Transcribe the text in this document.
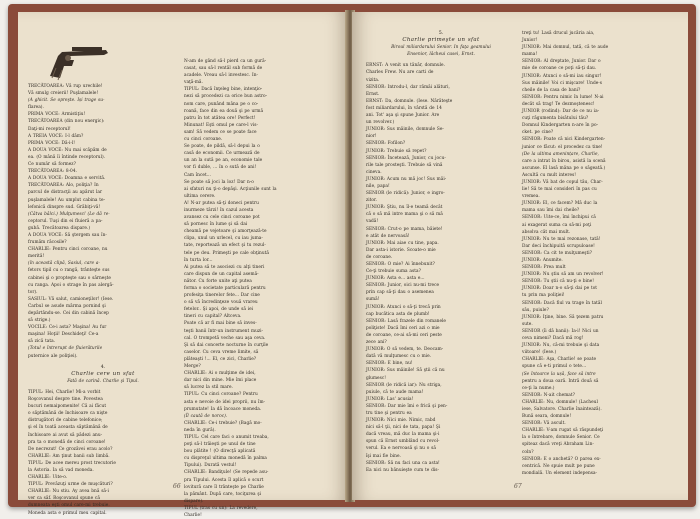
TRECĂTOAREA: Vă rup urechile!
Vă smulg creierii! Puşlamalele!
(A ghicit. Se opreşte. Iși trage su-
flarea).
PRIMA VOCE: Armistiţiu!
TRECĂTOAREA (din nou energic):
Daţi-mi receptorul!
A TREIA VOCE: I-l dăm?
PRIMA VOCE: Dă-i-l!
A DOUA VOCE: Nu mai scăpăm de
ea. (O mână îi întinde receptorul).
Ce numär să formez?
TRECĂTOAREA: 8-04.
A DOUA VOCE: Doamna e servită.
TRECĂTOAREA: Alo, poliţia? In
parcul de distracţii au apărut lar
puşlamalele! Au umplut cabina te-
lefonică dinspre sud. Grăbiţi-vă!
(Cătva bâlci.) Mulţumesc! (Le dă re-
ceptorul. Tuşi din ei fluieră a pa-
gubă. Trecătoarea dispare.)
A DOUA VOCE: Să ştergem sau în-
frumăm răcosile?
CHARLIE: Pentru cinci coroane, nu
merită!
(în această clipă, Sasiul, care a-
fetors tipil cu o rangă, trânteşte sus
cabinei şi o propteşte sau o sărneşte
cu ranga. Apoi o strage în pas alergă-
tor).
SASIUL: Vă salut, camioneţilor! (Iese.
Carbul se asude mărma pornind şi
depărtându-se. Cei din cabină încep
să strige.)
VOCILE: Ce-i asta? Maşina! Au fur
maşina! Hoţii! Deschideţi! Ce-a
să zică tata.
(Totul e întrerupt de fluierăturile
puternice ale poliţiei).
4.
Charlie cere un sfat
Fată de carină. Charlie şi Tipul.
TIPUL: Hei, Charlie! Mi-a vorbit
Roşcovanul despre tine. Povestea
bucuri nemaipomenite! Că ai făcut
o săptămână de închisoare ca nişte
distrugători de cabine telefonice;
şi el în toată aceasta săptămână de
închisoare ai avut să pădezi anu-
pra ta o monedă de cinci coroane!
De necrezut! Ce grozăvei erau acolo?
CHARLIE: Am ţinut banii sub limbă.
TIPUL: De acee mereu prost trecutorie
la Astoria. Ia să vad moneda.
CHARLIE: Uite-o.
TIPUL: Prevăzuţi urme de muşcături?
CHARLIE: Nu stiu. Ay avea bnă să-i
ver ca săf. Roşcovanul spune că
dumneata eşti omul care-mi trebuie.
Moneda asta e primul meu capital.
N-am de gând să-l pierd ca un gură-
casat, sau să-l rentăl sub formă de
acadele. Vreau să-l investesc. In-
vaţă-mă.
TIPUL: Dacă înţeleg bine, intenţio-
nezi să procedezi ca orice bun astro-
nom care, punând mâna pe o co-
roană, face din ea două şi pe urmă
patru în tot atâtea ore! Perfect!
Minunat! Eşti omul pe care-l vis-
sam! Să vedem ce se poate face
cu cinci coroane.
Se poate, de pildă, să-l depui la o
casă de economii. Ce urmează de
un an la sută pe an, economie tale
vor fi duble, ... în o sută de ani!
Cam încet...
Se poate să joci la loz! Dar n-o
ai sfaturi nu ţi-o depăşi. Acţiunile sunt la
ultima cerere.
A! N-ar putea să-ţi doneci pentru
inurmeze târzi! în cazul acesta
avansez cu cele cinci coroane pot
să pornesc în lume şi să dai
cheamă pe vejetoare şi amorţează-te
clipa, unul un urlecel, cu iau juma-
tate, reportează un efect şi tu rezul-
tele pe deu. Primeşti pe cale obţinută
în turta lor...
Ai putea să te asociezi cu alţi tineri
care dispun de un capital asemă-
nător. Cu forte unite aţi putea
forma o societate particulară pentru
profesiţa tinerelor fete... Dar cine
o să vă încredinţeze vouă vrareu
fetelor.. Şi apoi, de unde să iei
tineri cu capital? Altceva.
Poate că ar fi mai bine să inves-
teşti banii într-un instrument muzi-
cal. O trompetă veche sau aşa ceva.
Şi să dai concerte nocturne în curţile
caselor. Cu ceva vreme limite, să
plăteaşti !... El, ce zici, Charlie?
Merge?
CHARLIE: Ai o mulţime de idei,
dar nici din mine. Mie îmi place
să lucrez la stil mare.
TIPUL: Cu cinci coroane? Pentru
asta e nevoie de idei proprii, nu îm-
prumutate! Ia dă încoace moneda.
(Îl caută de noroc).
CHARLIE: Ce-i trebuie? (Bagă mo-
neda în gură).
TIPUL: Cel care faci o anumit treaba,
poţi să-l trăieşti pe unul de tine
bou plătite ! (O direcţă aplicată
cu dispreţul ultima monedă în palma
Tipului). Durată vestul!
CHARLIE: Bandiţule! (Se repede asu-
pra Tipului. Acesta îl aplică o scurt
lovitură care îl trânteşte pe Charlie
la pământ. După care, tociţurea şi
dispare).
TIPUL (tras cu un): La revedere,
Charlie!
66
5.
Charlie primeşte un sfat
Biroul miliardarului Senior. In faţa geamului
Ensenior, lâcheui casei, Ernst.
ERNST: A venit un tânăr, domnule.
Charles Frew. Nu are carti de
vizita.
SENIOR: Introdu-l, dar rămâi alături,
Ernst.
ERNST: Da, domnule. (Iese. Nărăteşte
fost miliardarului, în vârstă de 14
ani. Tot' aşa şi spune Junior. Are
un revolver.)
JUNIOR: Sus mâinile, domnule Se-
nior!
SENIOR: Fofilon?
JUNIOR: Trebuie să repet?
SENIOR: Încetează, Junior, cu jocu-
rile tale prosteşti. Trebuie să vină
cineva.
JUNIOR: Acum nu mă joc! Sus mâi-
nile, papa!
SENIOR (le ridică): Junior, e ingro-
zitor.
JUNIOR: Ştiu, nu îl-e teamă decât
că o să mă intre mama şi o să mă
vadă!
SENIOR: Crut-o pe mama, băiete!
e atât de nervoasă!
JUNIOR: Mai aiae cu tine, papa.
Dar asta-i istorie. Scoate-o mie
de coroane.
SENIOR: O mie? Ai înnebunit?
Ce-ţi trebuie suma asta?
JUNIOR: Asta e... asta e...
SENIOR: Junior, oici nu-mi trece
prin cap să-ţi dau o asemenea
sumă!
JUNIOR: Atunci o să-ţi trecă prin
cap bucătica asta de plumb!
SENIOR: Lasă frazele din romanele
poliţiste! Dacă îmi ceri azi o mie
de coroane, ce-ai să-mi ceri peste
zece ani?
JUNIOR: O să vedem, te. Deocam-
dată vă mulţumesc cu o mie.
SENIOR: E bine, nu!
JUNIOR: Sus mâinile! Să ştii că nu
glumesc!
SENIOR (le ridică iar): Nu striga,
puiule, că te aude mama!
JUNIOR: Las' acusia!
SENIOR: Dar mie îmi e frică şi pen-
tru tine şi pentru ea
JUNIOR: Nici mie. Nimic, rabd
nici să-l ţii, nici de tata, papa! Şi
dacă vreau, mă duc la mama şi-i
spun că Ernst umblând cu revol-
verul. Ea e nervoasă şi nu o să
îşi mai fie bine.
SENIOR: Să nu faci una ca asta!
Ea nici nu bănuieşte cum te dis-
treţi tu! Lasă drucul jucăria aia,
Junior!
JUNIOR: Mai domnul, tată, că te aude
mama!
SENIOR: Al dreptate, Junior. Dar o
mie de coroane ce poţi să-ţi dau.
JUNIOR: Atunci o să-mi iau singur!
Sus mâinile! Voi ci mişcare! Unde-s
cheile de la casa de bani?
SENIOR: Pentru nimic în lume! N-ai
decât să trag! Te dezmoştenesc!
JUNIOR (rodind): Dar de ce nu ia-
cuţi răgumenta bisătului tău?
Domnul Kindergarten n-are în po-
cket. pe cine?
SENIOR: Poate că nici Kindergarten-
junior ce făcut: el procedez ca tine!
(De la ultima amenințare, Charlie,
care a intrat în birou, asistă la scenă
ascunse. El lasă mâna pe o săgeată.)
Ascultă cu mult interes!
JUNIOR: Vă bat de copul tău, Char-
lie! Să te mai consideri în pas cu
vremea.
JUNIOR: El, ce facem? Mă duc la
mama sau îmi dai cheile?
SENIOR: Uite-ce, îmi închipui că
ai exagerat suma ca să-mi poţi
absolva cât mai mult.
JUNIOR: Nu te mai rezonase, tată!
Dar deci închipuită scrupuloase!
SENIOR: Ca cit te mulţumeşti?
JUNIOR: Anumite.
SENIOR: Prea mult
JUNIOR: Nu ştiu să am un revolver!
SENIOR: Tu ştii că nu-ţi e bine!
JUNIOR: Doar n-o să-ţi dai pe tot
tu prin ma poliţiei!
SENIOR: Dacă fiul va trage în tatăl
său, puiule?
JUNIOR: Iţine, bine. Să ţezem patru
sute.
SENIOR (îi dă banii): Ia-i! Nici un
ceva nimeni? Dacă mă rog!
JUNIOR: Nu, că-mi trebuie şi data
viitoare! (Iese.)
CHARLIE: Aşa, Charlie! se poate
spune că e-ti primul o tete...
(Se întoarce la ușă, face să intre
pentru a doua oară. Intră două să
ce-ţi la nume.)
SENIOR: N-ait chemat?
CHARLIE: Nu, domnule! (Lacheul
iese, Salvatore. Charlie înaintează).
Bună seara, domnule!
SENIOR: Vă ascult.
CHARLIE: V-am rugat să răspundeţi
la o întrebare, domnule Senior. Ce
spiteaz dacă vreţi Abraham Lin-
coln?
SENIOR: E o anchetă? O parea ex-
centrică. Ne spuie mult pe pune
mondială. Un element indepensa-
67
